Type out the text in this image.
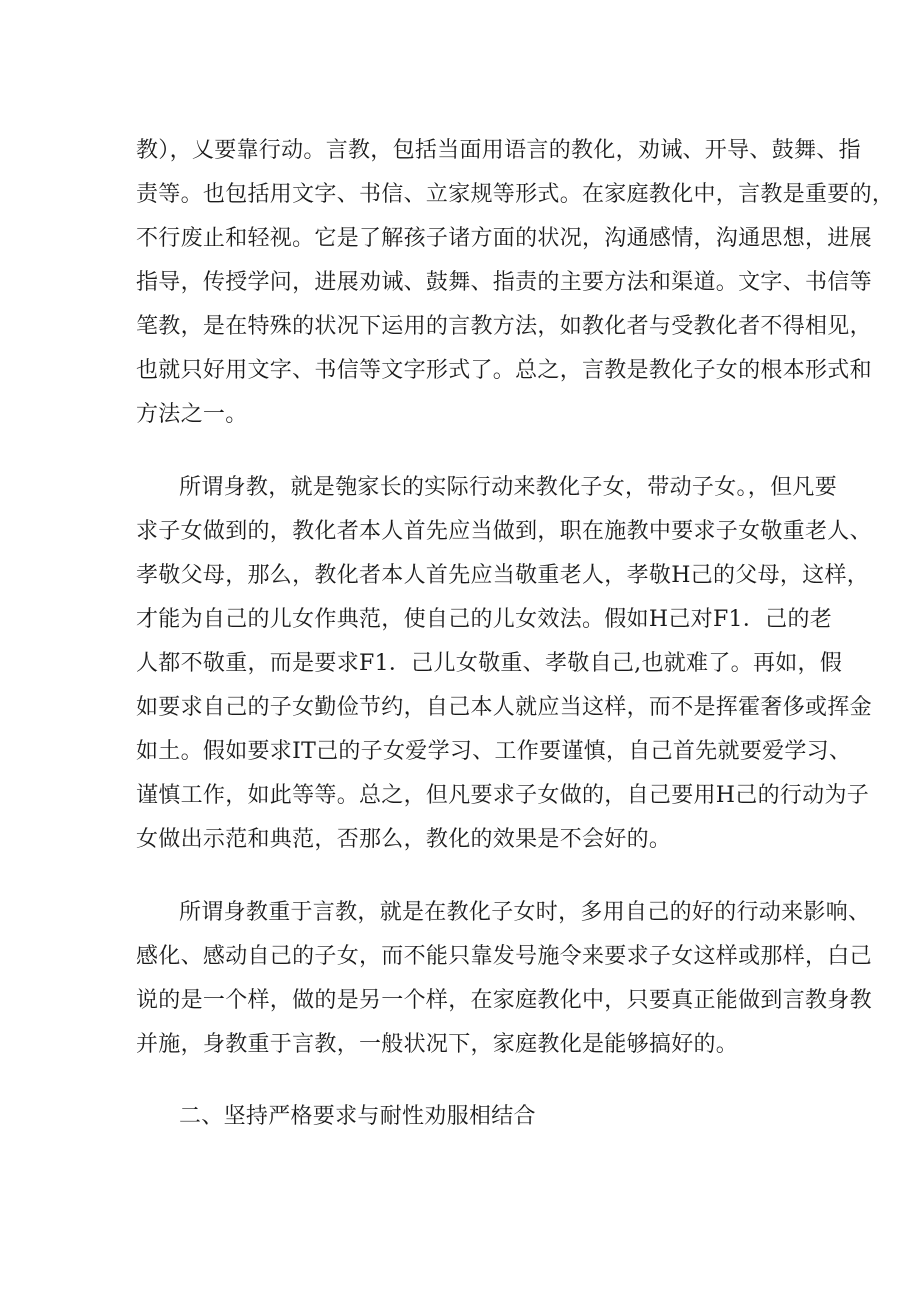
教），乂要靠行动。言教，包括当面用语言的教化，劝诫、开导、鼓舞、指
责等。也包括用文字、书信、立家规等形式。在家庭教化中，言教是重要的，
不行废止和轻视。它是了解孩子诸方面的状况，沟通感情，沟通思想，进展
指导，传授学问，进展劝诫、鼓舞、指责的主要方法和渠道。文字、书信等
笔教，是在特殊的状况下运用的言教方法，如教化者与受教化者不得相见，
也就只好用文字、书信等文字形式了。总之，言教是教化子女的根本形式和
方法之一。
所谓身教，就是匏家长的实际行动来教化子女，带动子女。，但凡要
求子女做到的，教化者本人首先应当做到，职在施教中要求子女敬重老人、
孝敬父母，那么，教化者本人首先应当敬重老人，孝敬H己的父母，这样，
才能为自己的儿女作典范，使自己的儿女效法。假如H己对F1．己的老
人都不敬重，而是要求F1．己儿女敬重、孝敬自己,也就难了。再如，假
如要求自己的子女勤俭节约，自己本人就应当这样，而不是挥霍奢侈或挥金
如土。假如要求IT己的子女爱学习、工作要谨慎，自己首先就要爱学习、
谨慎工作，如此等等。总之，但凡要求子女做的，自己要用H己的行动为子
女做出示范和典范，否那么，教化的效果是不会好的。
所谓身教重于言教，就是在教化子女时，多用自己的好的行动来影响、
感化、感动自己的子女，而不能只靠发号施令来要求子女这样或那样，白己
说的是一个样，做的是另一个样，在家庭教化中，只要真正能做到言教身教
并施，身教重于言教，一般状况下，家庭教化是能够搞好的。
二、坚持严格要求与耐性劝服相结合
